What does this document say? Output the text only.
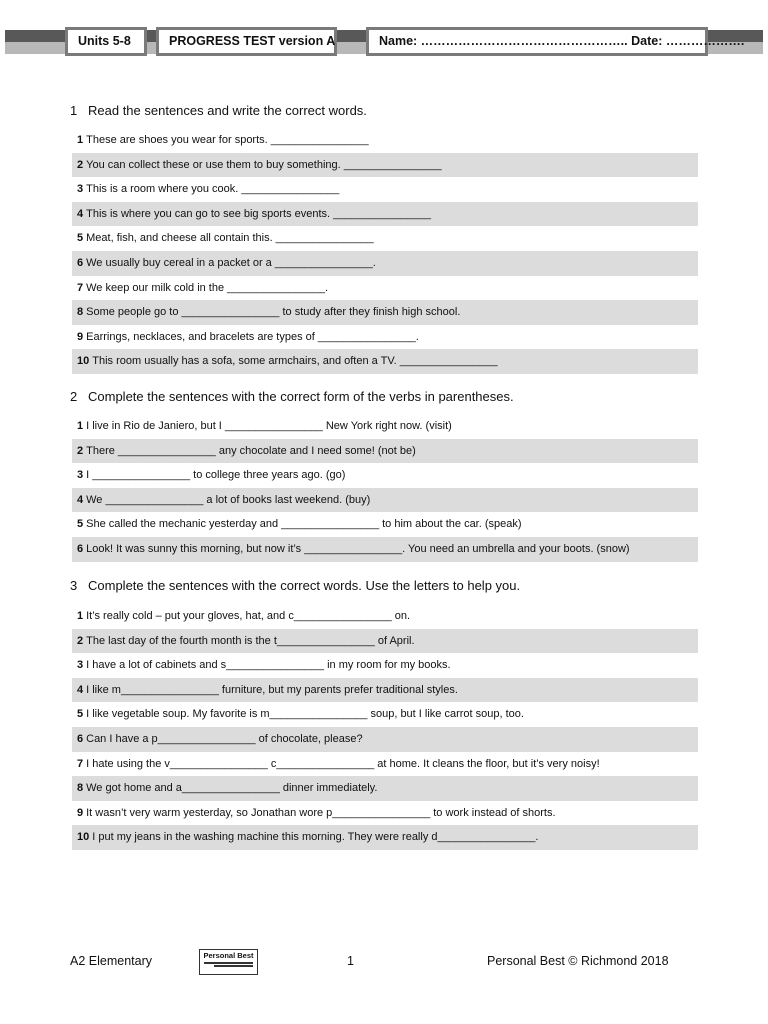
Units 5-8	PROGRESS TEST version A	Name: ………………………………………….. Date: ……………….
1 Read the sentences and write the correct words.
1 These are shoes you wear for sports. ________________
2 You can collect these or use them to buy something. ________________
3 This is a room where you cook. ________________
4 This is where you can go to see big sports events. ________________
5 Meat, fish, and cheese all contain this. ________________
6 We usually buy cereal in a packet or a ________________.
7 We keep our milk cold in the ________________.
8 Some people go to ________________ to study after they finish high school.
9 Earrings, necklaces, and bracelets are types of ________________.
10 This room usually has a sofa, some armchairs, and often a TV. ________________
2 Complete the sentences with the correct form of the verbs in parentheses.
1 I live in Rio de Janiero, but I ________________ New York right now. (visit)
2 There ________________ any chocolate and I need some! (not be)
3 I ________________ to college three years ago. (go)
4 We ________________ a lot of books last weekend. (buy)
5 She called the mechanic yesterday and ________________ to him about the car. (speak)
6 Look! It was sunny this morning, but now it’s ________________. You need an umbrella and your boots. (snow)
3 Complete the sentences with the correct words. Use the letters to help you.
1 It’s really cold – put your gloves, hat, and c________________ on.
2 The last day of the fourth month is the t________________ of April.
3 I have a lot of cabinets and s________________ in my room for my books.
4 I like m________________ furniture, but my parents prefer traditional styles.
5 I like vegetable soup. My favorite is m________________ soup, but I like carrot soup, too.
6 Can I have a p________________ of chocolate, please?
7 I hate using the v________________ c________________ at home. It cleans the floor, but it’s very noisy!
8 We got home and a________________ dinner immediately.
9 It wasn’t very warm yesterday, so Jonathan wore p________________ to work instead of shorts.
10 I put my jeans in the washing machine this morning. They were really d________________.
A2 Elementary	Personal Best	1	Personal Best © Richmond 2018
